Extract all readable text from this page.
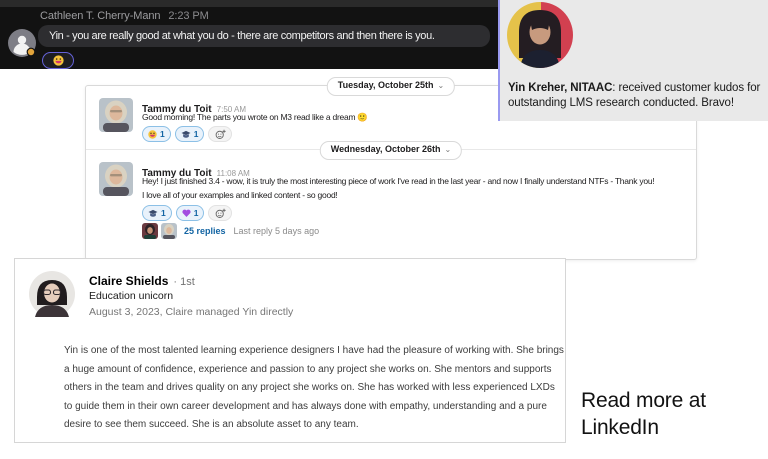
Cathleen T. Cherry-Mann 2:23 PM
Yin - you are really good at what you do - there are competitors and then there is you.
Tuesday, October 25th ⌄
Tammy du Toit 7:50 AM
Good morning! The parts you wrote on M3 read like a dream 🙂
1	1
Wednesday, October 26th ⌄
Tammy du Toit 11:08 AM
Hey! I just finished 3.4 - wow, it is truly the most interesting piece of work I've read in the last year - and now I finally understand NTFs - Thank you!
I love all of your examples and linked content - so good!
1	1
25 replies Last reply 5 days ago
Yin Kreher, NITAAC: received customer kudos for outstanding LMS research conducted. Bravo!
Claire Shields · 1st
Education unicorn
August 3, 2023, Claire managed Yin directly
Yin is one of the most talented learning experience designers I have had the pleasure of working with. She brings a huge amount of confidence, experience and passion to any project she works on. She mentors and supports others in the team and drives quality on any project she works on. She has worked with less experienced LXDs to guide them in their own career development and has always done with empathy, understanding and a pure desire to see them succeed. She is an absolute asset to any team.
Read more at LinkedIn
